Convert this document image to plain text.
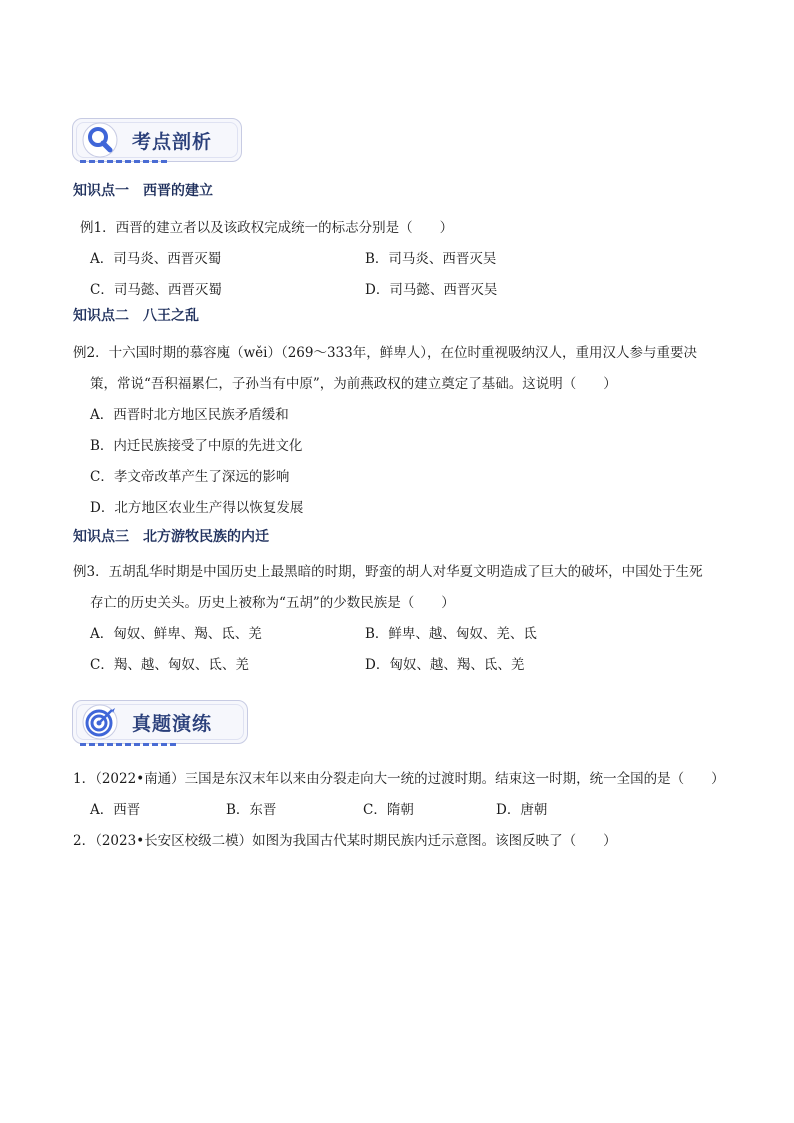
考点剖析
知识点一　西晋的建立
例1．西晋的建立者以及该政权完成统一的标志分别是（　　）
A．司马炎、西晋灭蜀	B．司马炎、西晋灭吴
C．司马懿、西晋灭蜀	D．司马懿、西晋灭吴
知识点二　八王之乱
例2．十六国时期的慕容廆（wěi）（269～333年，鲜卑人），在位时重视吸纳汉人，重用汉人参与重要决
策，常说“吾积福累仁，子孙当有中原”，为前燕政权的建立奠定了基础。这说明（　　）
A．西晋时北方地区民族矛盾缓和
B．内迁民族接受了中原的先进文化
C．孝文帝改革产生了深远的影响
D．北方地区农业生产得以恢复发展
知识点三　北方游牧民族的内迁
例3．五胡乱华时期是中国历史上最黑暗的时期，野蛮的胡人对华夏文明造成了巨大的破坏，中国处于生死
存亡的历史关头。历史上被称为“五胡”的少数民族是（　　）
A．匈奴、鲜卑、羯、氐、羌	B．鲜卑、越、匈奴、羌、氐
C．羯、越、匈奴、氐、羌	D．匈奴、越、羯、氐、羌
真题演练
1．（2022•南通）三国是东汉末年以来由分裂走向大一统的过渡时期。结束这一时期，统一全国的是（　　）
A．西晋	B．东晋	C．隋朝	D．唐朝
2．（2023•长安区校级二模）如图为我国古代某时期民族内迁示意图。该图反映了（　　）
